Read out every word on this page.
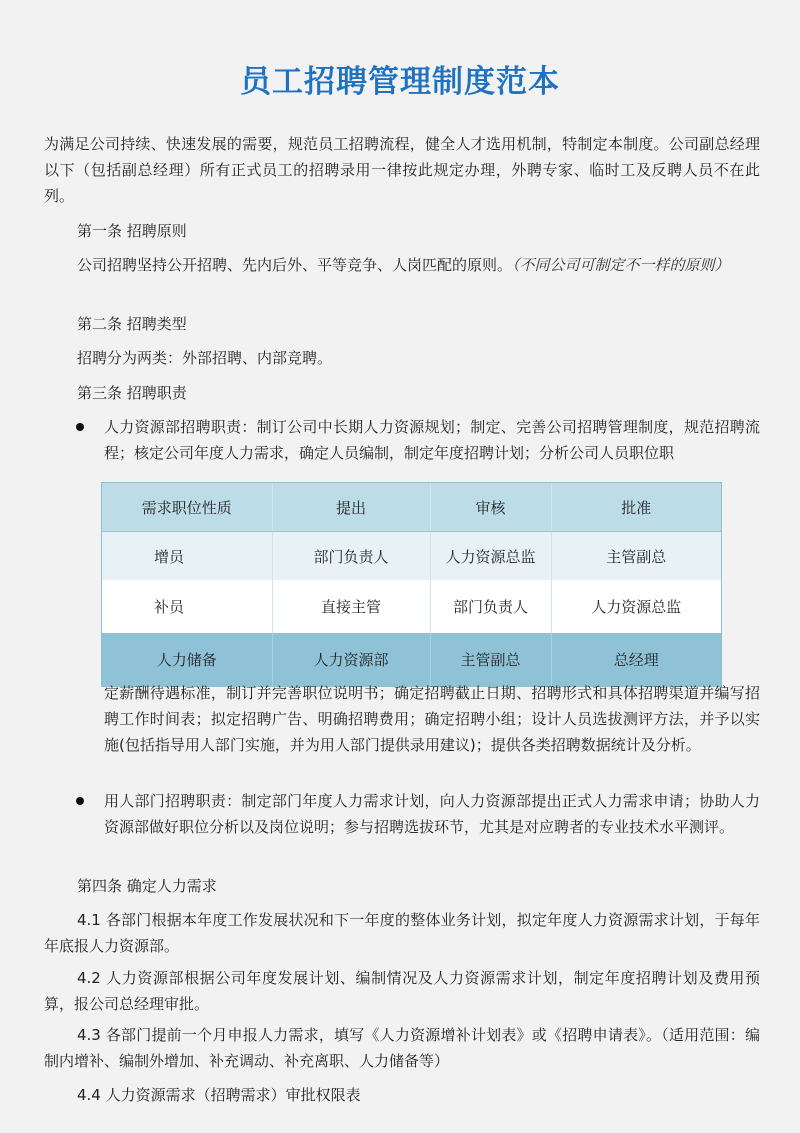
员工招聘管理制度范本
为满足公司持续、快速发展的需要，规范员工招聘流程，健全人才选用机制，特制定本制度。公司副总经理以下（包括副总经理）所有正式员工的招聘录用一律按此规定办理，外聘专家、临时工及反聘人员不在此列。
第一条 招聘原则
公司招聘坚持公开招聘、先内后外、平等竞争、人岗匹配的原则。（不同公司可制定不一样的原则）
第二条 招聘类型
招聘分为两类：外部招聘、内部竞聘。
第三条 招聘职责
人力资源部招聘职责：制订公司中长期人力资源规划；制定、完善公司招聘管理制度，规范招聘流程；核定公司年度人力需求，确定人员编制，制定年度招聘计划；分析公司人员职位职
需求职位性质	提出	审核	批准
增员	部门负责人	人力资源总监	主管副总
补员	直接主管	部门负责人	人力资源总监
人力储备	人力资源部	主管副总	总经理
定薪酬待遇标准，制订并完善职位说明书；确定招聘截止日期、招聘形式和具体招聘渠道并编写招聘工作时间表；拟定招聘广告、明确招聘费用；确定招聘小组；设计人员选拔测评方法，并予以实施(包括指导用人部门实施，并为用人部门提供录用建议)；提供各类招聘数据统计及分析。
用人部门招聘职责：制定部门年度人力需求计划，向人力资源部提出正式人力需求申请；协助人力资源部做好职位分析以及岗位说明；参与招聘选拔环节，尤其是对应聘者的专业技术水平测评。
第四条 确定人力需求
4.1 各部门根据本年度工作发展状况和下一年度的整体业务计划，拟定年度人力资源需求计划，于每年年底报人力资源部。
4.2 人力资源部根据公司年度发展计划、编制情况及人力资源需求计划，制定年度招聘计划及费用预算，报公司总经理审批。
4.3 各部门提前一个月申报人力需求，填写《人力资源增补计划表》或《招聘申请表》。（适用范围：编制内增补、编制外增加、补充调动、补充离职、人力储备等）
4.4 人力资源需求（招聘需求）审批权限表
